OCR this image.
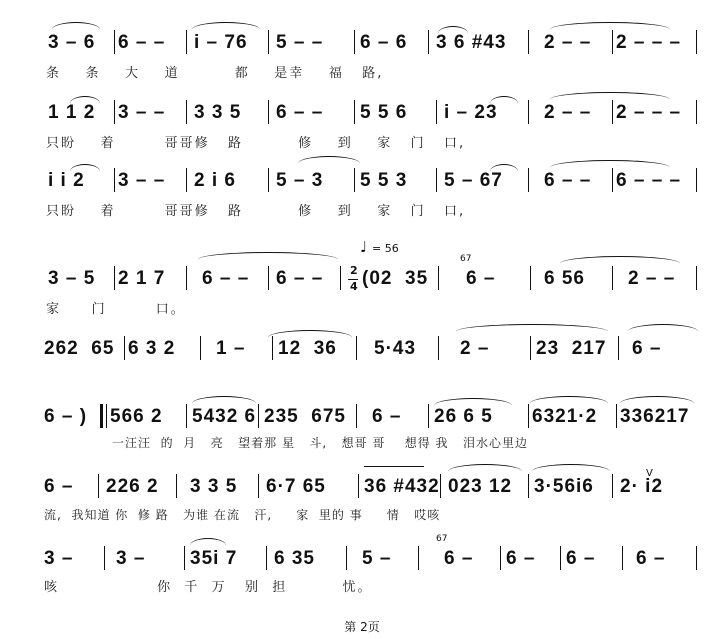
3 – 6 6 – – i – 76 5 – – 6 – 6 3 6 #43 2 – – 2 – – –
条    条    大    道         都    是幸    福   路,
1 1 2 3 – – 3 3 5 6 – – 5 5 6 i – 23 2 – – 2 – – –
只盼    着        哥哥修   路         修    到    家   门   口,
i i 2 3 – – 2 i 6 5 – 3 5 5 3 5 – 67 6 – – 6 – – –
只盼    着        哥哥修   路         修    到    家   门   口,
3 – 5 2 1 7 6 – – 6 – –
♩ = 56
2
4 (02  35
67
6 –	6 56 2 – –
家     门        口。
262  65 6 3 2 1 – 12  36 5·43 2 – 23  217 6 –
6 – ) 566 2 5432 6 235  675 6 – 26 6 5 6321·2 336217
一汪汪  的  月   亮   望着那 星   斗,   想哥 哥    想得 我   泪水心里边
6 – 226 2 3 3 5 6·7 65 36 #432 023 12 3·56i6
V
2· i2
流,  我知道 你  修 路   为谁 在流   汗,     家  里的 事     情   哎咳
3 – 3 – 35i 7 6 35 5 –
67
6 – 6 – 6 – 6 –
咳                你  千  万   别  担         忧。
第 2页
